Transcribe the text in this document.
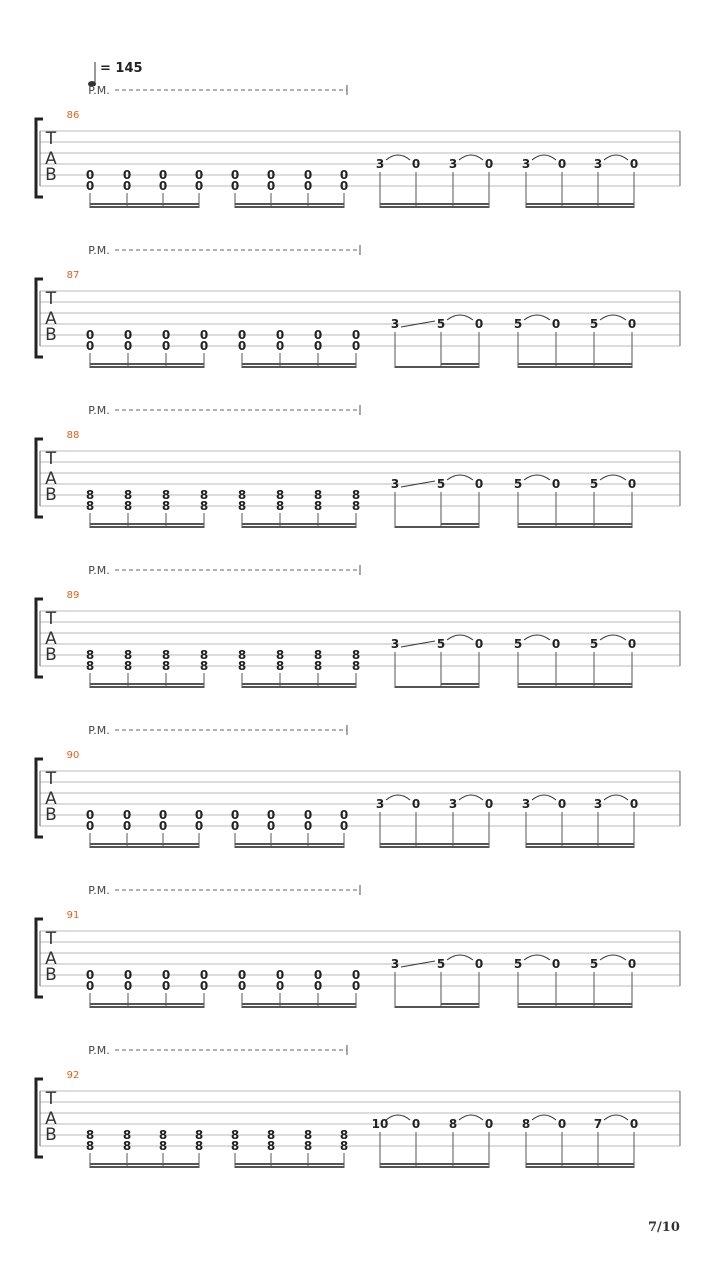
= 145
P.M.
86
T
A
B 0
0
0
0
0
0
0
0
0
0
0
0
0
0
0
0
3 0 3 0 3 0 3 0
P.M.
87
T
A
B 0
0
0
0
0
0
0
0
0
0
0
0
0
0
0
0
3	5 0	5 0 5 0
P.M.
88
T
A
B 8
8
8
8
8
8
8
8
8
8
8
8
8
8
8
8
3	5 0	5 0 5 0
P.M.
89
T
A
B 8
8
8
8
8
8
8
8
8
8
8
8
8
8
8
8
3	5 0	5 0 5 0
P.M.
90
T
A
B 0
0
0
0
0
0
0
0
0
0
0
0
0
0
0
0
3 0 3 0 3 0 3 0
P.M.
91
T
A
B 0
0
0
0
0
0
0
0
0
0
0
0
0
0
0
0
3	5 0	5 0 5 0
P.M.
92
T
A
B 8
8
8
8
8
8
8
8
8
8
8
8
8
8
8
8
10 0 8 0 8 0 7 0
7/10
